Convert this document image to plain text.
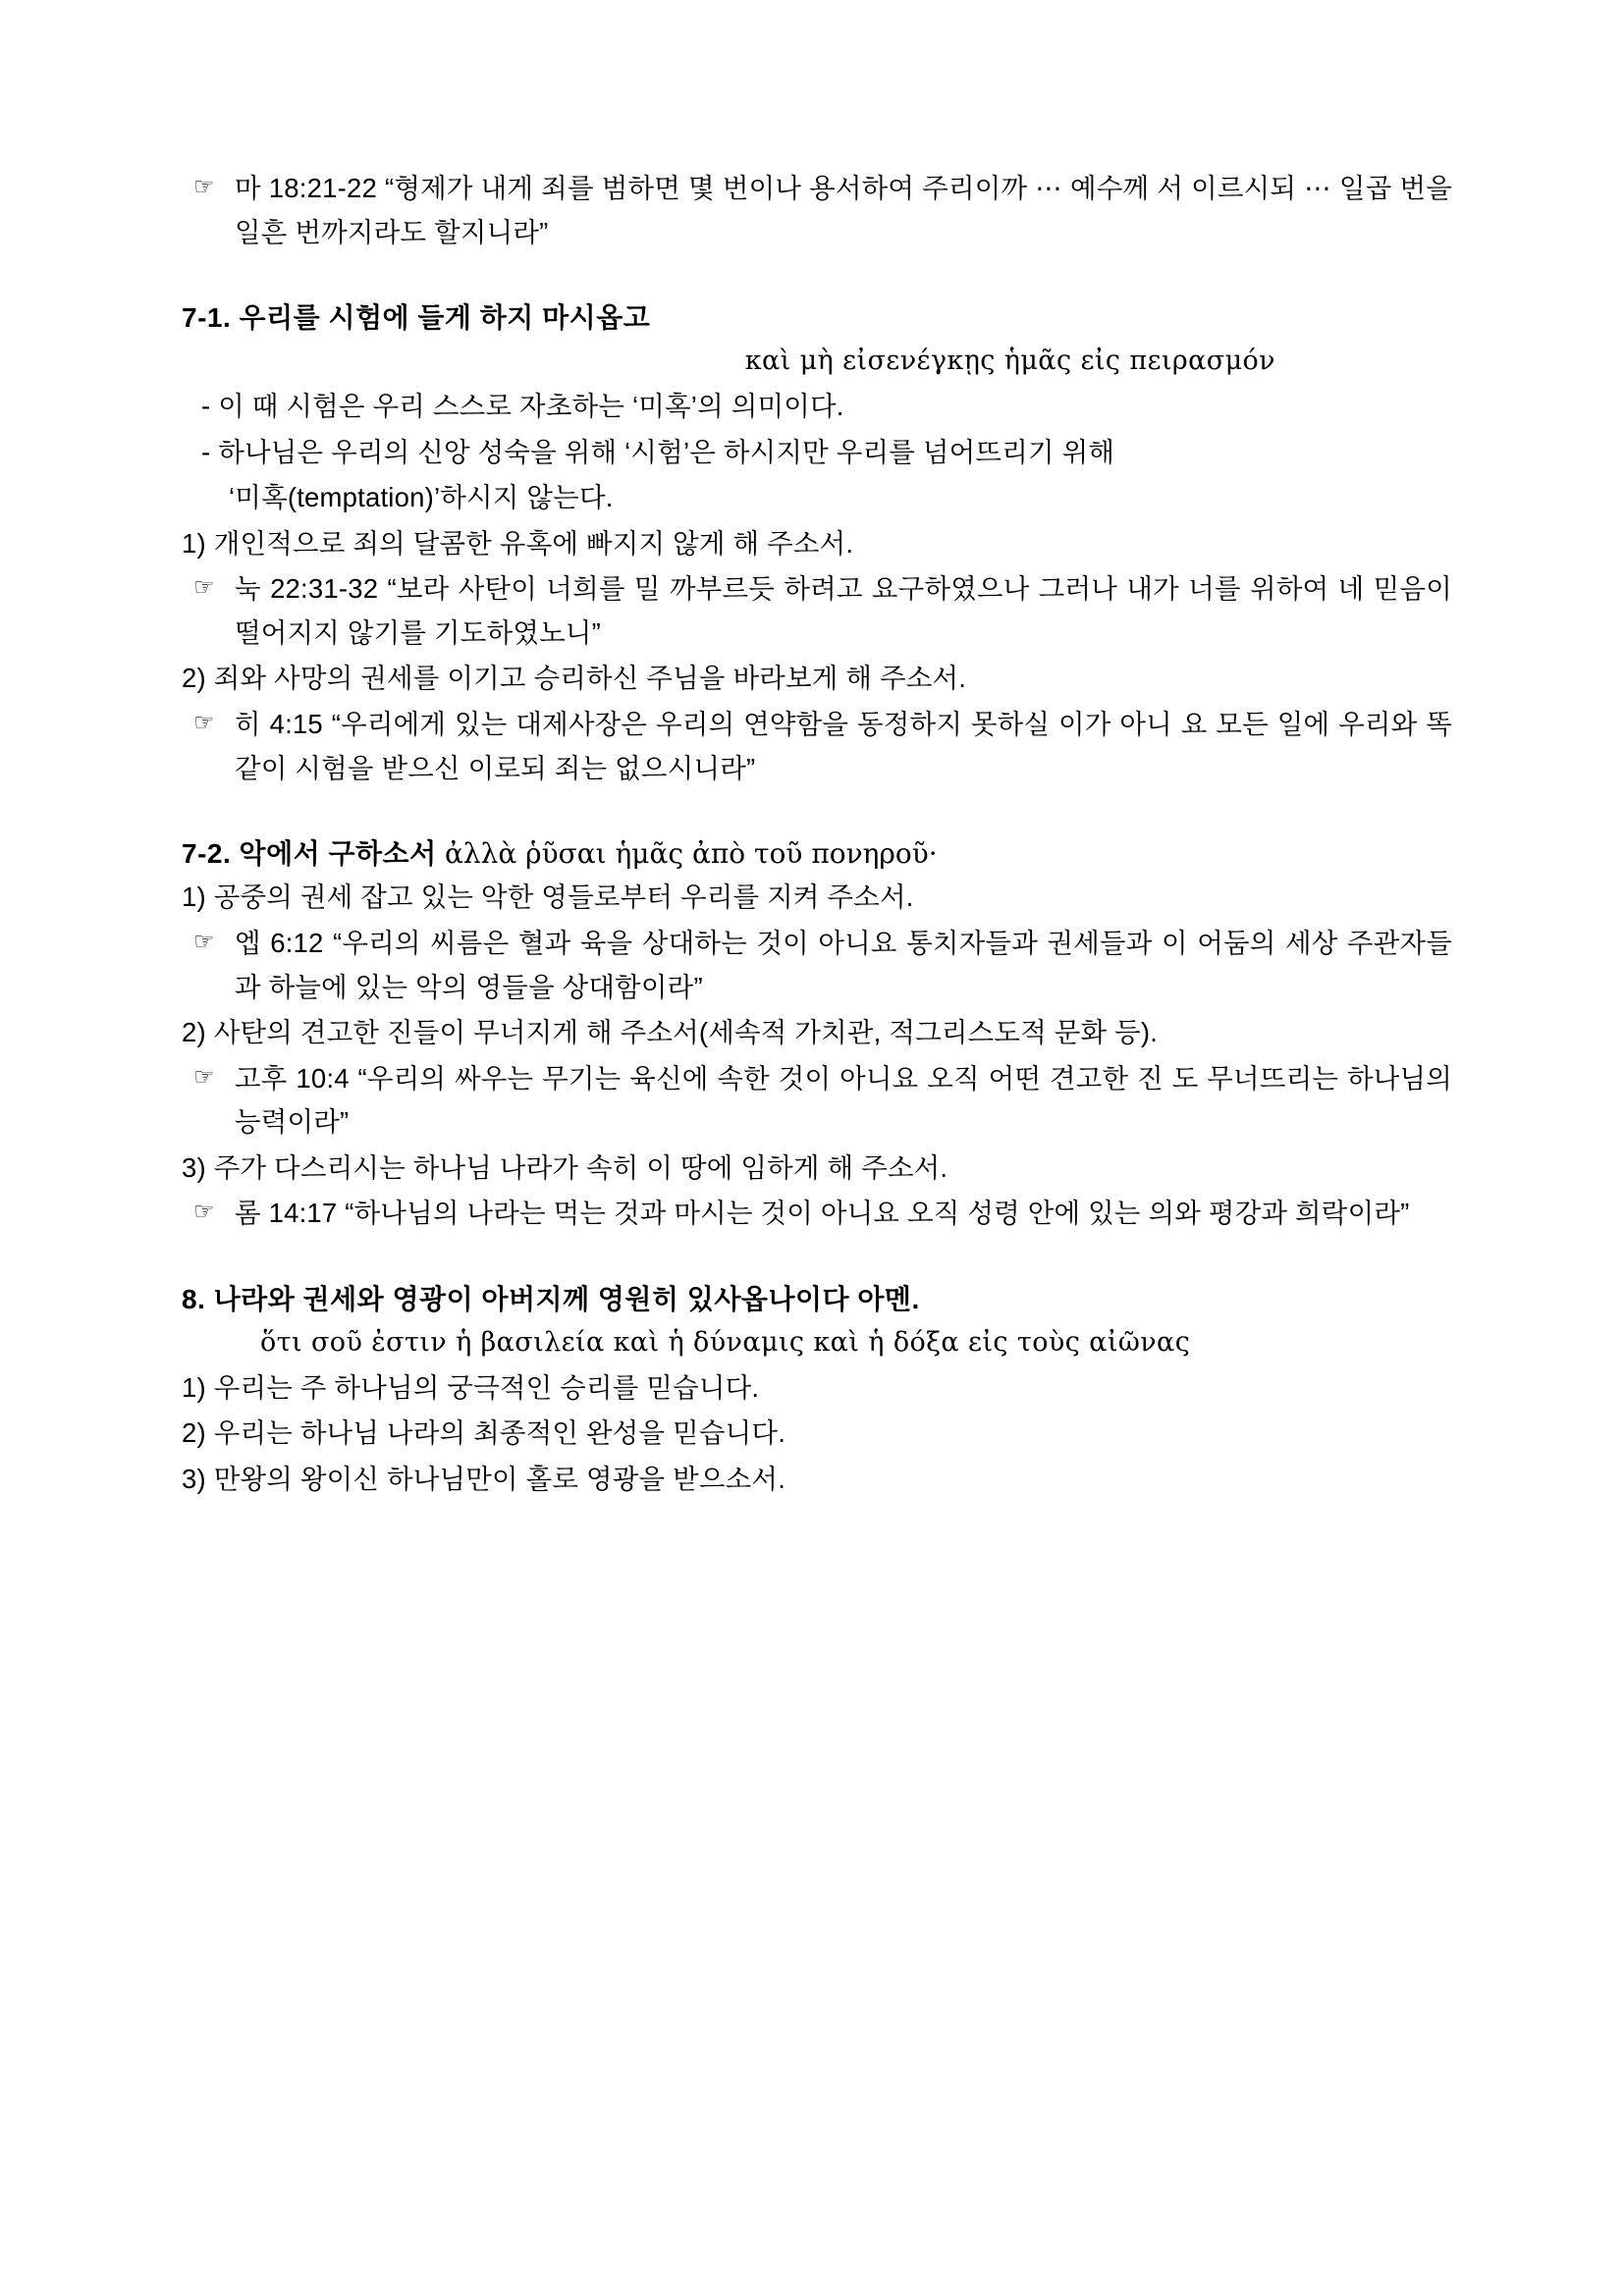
☞ 마 18:21-22 “형제가 내게 죄를 범하면 몇 번이나 용서하여 주리이까 ⋯ 예수께 서 이르시되 ⋯ 일곱 번을 일흔 번까지라도 할지니라”
7-1. 우리를 시험에 들게 하지 마시옵고
καὶ μὴ εἰσενέγκῃς ἡμᾶς εἰς πειρασμόν
- 이 때 시험은 우리 스스로 자초하는 ‘미혹’의 의미이다.
- 하나님은 우리의 신앙 성숙을 위해 ‘시험’은 하시지만 우리를 넘어뜨리기 위해
‘미혹(temptation)’하시지 않는다.
1) 개인적으로 죄의 달콤한 유혹에 빠지지 않게 해 주소서.
☞ 눅 22:31-32 “보라 사탄이 너희를 밀 까부르듯 하려고 요구하였으나 그러나 내가 너를 위하여 네 믿음이 떨어지지 않기를 기도하였노니”
2) 죄와 사망의 권세를 이기고 승리하신 주님을 바라보게 해 주소서.
☞ 히 4:15 “우리에게 있는 대제사장은 우리의 연약함을 동정하지 못하실 이가 아니 요 모든 일에 우리와 똑같이 시험을 받으신 이로되 죄는 없으시니라”
7-2. 악에서 구하소서 ἀλλὰ ῥῦσαι ἡμᾶς ἀπὸ τοῦ πονηροῦ·
1) 공중의 권세 잡고 있는 악한 영들로부터 우리를 지켜 주소서.
☞ 엡 6:12 “우리의 씨름은 혈과 육을 상대하는 것이 아니요 통치자들과 권세들과 이 어둠의 세상 주관자들과 하늘에 있는 악의 영들을 상대함이라”
2) 사탄의 견고한 진들이 무너지게 해 주소서(세속적 가치관, 적그리스도적 문화 등).
☞ 고후 10:4 “우리의 싸우는 무기는 육신에 속한 것이 아니요 오직 어떤 견고한 진 도 무너뜨리는 하나님의 능력이라”
3) 주가 다스리시는 하나님 나라가 속히 이 땅에 임하게 해 주소서.
☞ 롬 14:17 “하나님의 나라는 먹는 것과 마시는 것이 아니요 오직 성령 안에 있는 의와 평강과 희락이라”
8. 나라와 권세와 영광이 아버지께 영원히 있사옵나이다 아멘.
ὅτι σοῦ ἐστιν ἡ βασιλεία καὶ ἡ δύναμις καὶ ἡ δόξα εἰς τοὺς αἰῶνας
1) 우리는 주 하나님의 궁극적인 승리를 믿습니다.
2) 우리는 하나님 나라의 최종적인 완성을 믿습니다.
3) 만왕의 왕이신 하나님만이 홀로 영광을 받으소서.
